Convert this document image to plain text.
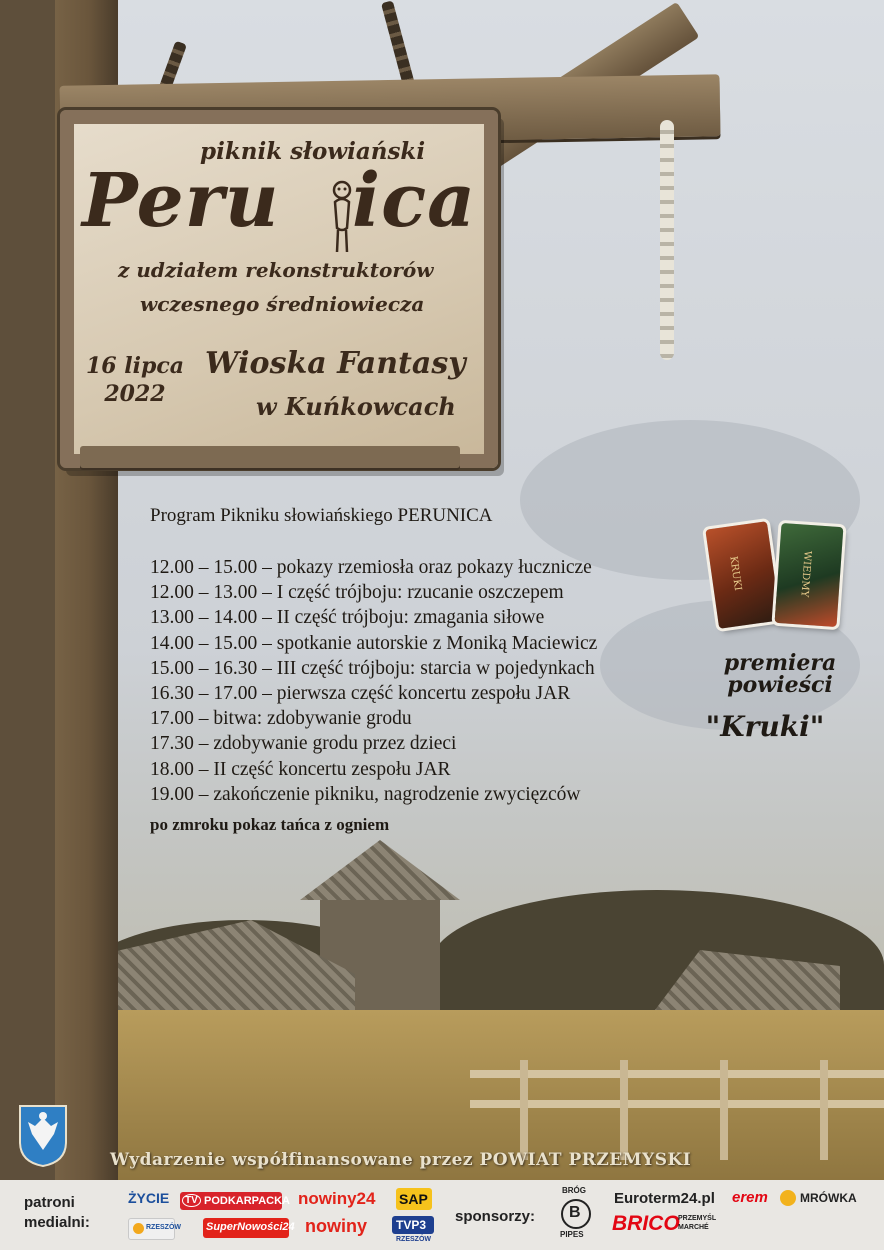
piknik słowiański
Peru ica
z udziałem rekonstruktorów
wczesnego średniowiecza
16 lipca
2022
Wioska Fantasy
w Kuńkowcach
Program Pikniku słowiańskiego PERUNICA
12.00 – 15.00 – pokazy rzemiosła oraz pokazy łucznicze
12.00 – 13.00 – I część trójboju: rzucanie oszczepem
13.00 – 14.00 – II część trójboju: zmagania siłowe
14.00 – 15.00 – spotkanie autorskie z Moniką Maciewicz
15.00 – 16.30 – III część trójboju: starcia w pojedynkach
16.30 – 17.00 – pierwsza część koncertu zespołu JAR
17.00 – bitwa: zdobywanie grodu
17.30 – zdobywanie grodu przez dzieci
18.00 – II część koncertu zespołu JAR
19.00 – zakończenie pikniku, nagrodzenie zwycięzców
po zmroku pokaz tańca z ogniem
KRUKI	WIEDMY
premiera
powieści
"Kruki"
Wydarzenie współfinansowane przez POWIAT PRZEMYSKI
patroni
medialni:
ŻYCIE
RZESZÓW
TV PODKARPACKA
SuperNowości24
nowiny24
nowiny
SAP
TVP3
RZESZÓW
sponsorzy:
BRÓG
B
PIPES
Euroterm24.pl
BRICO
PRZEMYŚL MARCHÉ
erem	MRÓWKA
